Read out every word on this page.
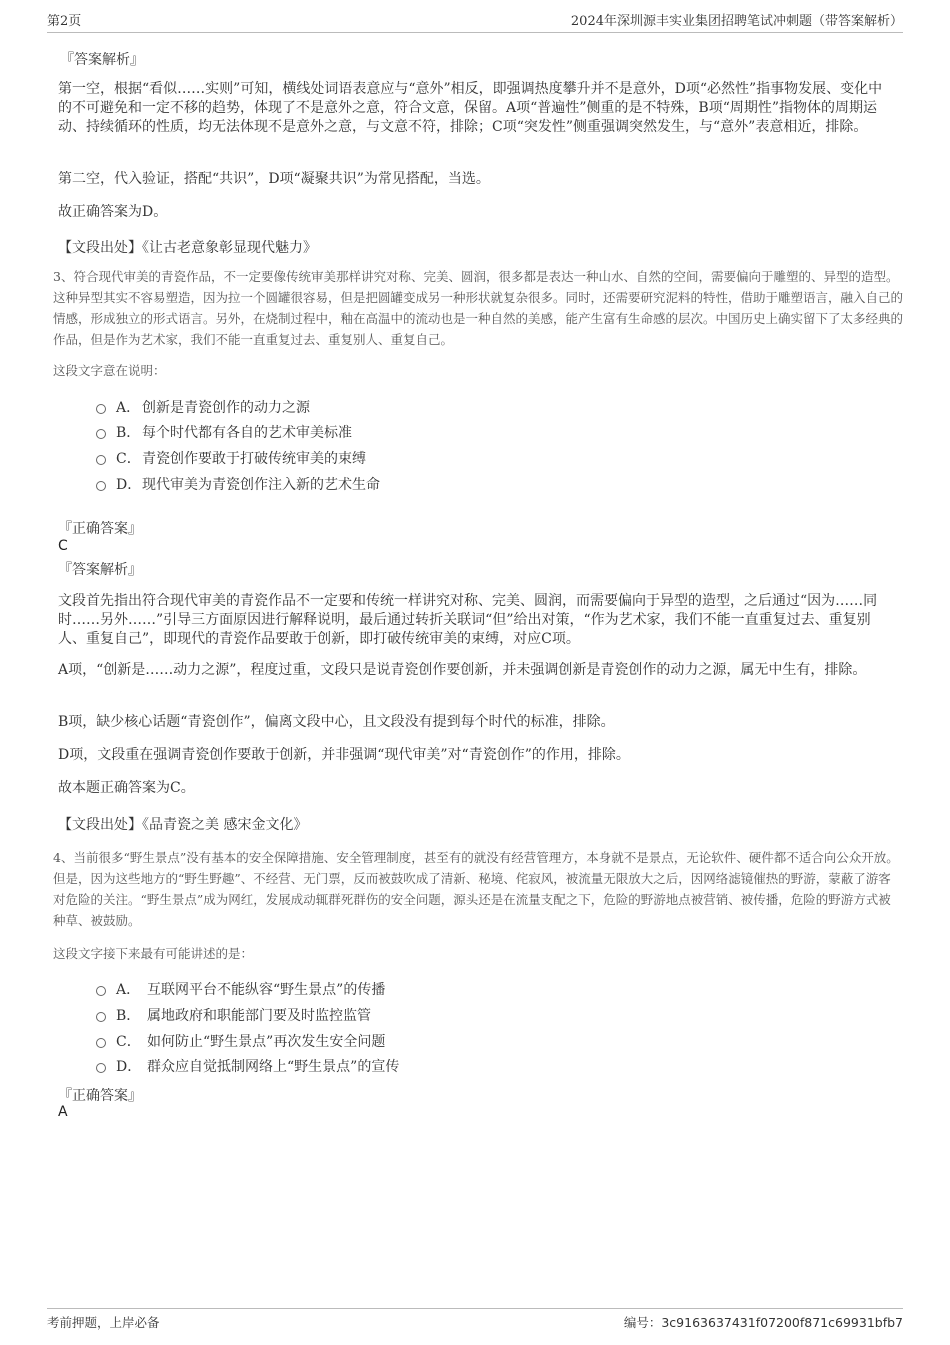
第2页	2024年深圳源丰实业集团招聘笔试冲刺题（带答案解析）
『答案解析』
第一空，根据“看似……实则”可知，横线处词语表意应与“意外”相反，即强调热度攀升并不是意外，D项“必然性”指事物发展、变化中的不可避免和一定不移的趋势，体现了不是意外之意，符合文意，保留。A项“普遍性”侧重的是不特殊，B项“周期性”指物体的周期运动、持续循环的性质，均无法体现不是意外之意，与文意不符，排除；C项“突发性”侧重强调突然发生，与“意外”表意相近，排除。
第二空，代入验证，搭配“共识”，D项“凝聚共识”为常见搭配，当选。
故正确答案为D。
【文段出处】《让古老意象彰显现代魅力》
3、符合现代审美的青瓷作品，不一定要像传统审美那样讲究对称、完美、圆润，很多都是表达一种山水、自然的空间，需要偏向于雕塑的、异型的造型。这种异型其实不容易塑造，因为拉一个圆罐很容易，但是把圆罐变成另一种形状就复杂很多。同时，还需要研究泥料的特性，借助于雕塑语言，融入自己的情感，形成独立的形式语言。另外，在烧制过程中，釉在高温中的流动也是一种自然的美感，能产生富有生命感的层次。中国历史上确实留下了太多经典的作品，但是作为艺术家，我们不能一直重复过去、重复别人、重复自己。
这段文字意在说明：
A． 创新是青瓷创作的动力之源
B． 每个时代都有各自的艺术审美标准
C． 青瓷创作要敢于打破传统审美的束缚
D． 现代审美为青瓷创作注入新的艺术生命
『正确答案』
C
『答案解析』
文段首先指出符合现代审美的青瓷作品不一定要和传统一样讲究对称、完美、圆润，而需要偏向于异型的造型，之后通过“因为……同时……另外……”引导三方面原因进行解释说明，最后通过转折关联词“但”给出对策，“作为艺术家，我们不能一直重复过去、重复别人、重复自己”，即现代的青瓷作品要敢于创新，即打破传统审美的束缚，对应C项。
A项，“创新是……动力之源”，程度过重，文段只是说青瓷创作要创新，并未强调创新是青瓷创作的动力之源，属无中生有，排除。
B项，缺少核心话题“青瓷创作”，偏离文段中心，且文段没有提到每个时代的标准，排除。
D项，文段重在强调青瓷创作要敢于创新，并非强调“现代审美”对“青瓷创作”的作用，排除。
故本题正确答案为C。
【文段出处】《品青瓷之美 感宋金文化》
4、当前很多“野生景点”没有基本的安全保障措施、安全管理制度，甚至有的就没有经营管理方，本身就不是景点，无论软件、硬件都不适合向公众开放。但是，因为这些地方的“野生野趣”、不经营、无门票，反而被鼓吹成了清新、秘境、侘寂风，被流量无限放大之后，因网络滤镜催热的野游，蒙蔽了游客对危险的关注。“野生景点”成为网红，发展成动辄群死群伤的安全问题，源头还是在流量支配之下，危险的野游地点被营销、被传播，危险的野游方式被种草、被鼓励。
这段文字接下来最有可能讲述的是：
A． 互联网平台不能纵容“野生景点”的传播
B． 属地政府和职能部门要及时监控监管
C． 如何防止“野生景点”再次发生安全问题
D． 群众应自觉抵制网络上“野生景点”的宣传
『正确答案』
A
考前押题，上岸必备	编号：3c9163637431f07200f871c69931bfb7
